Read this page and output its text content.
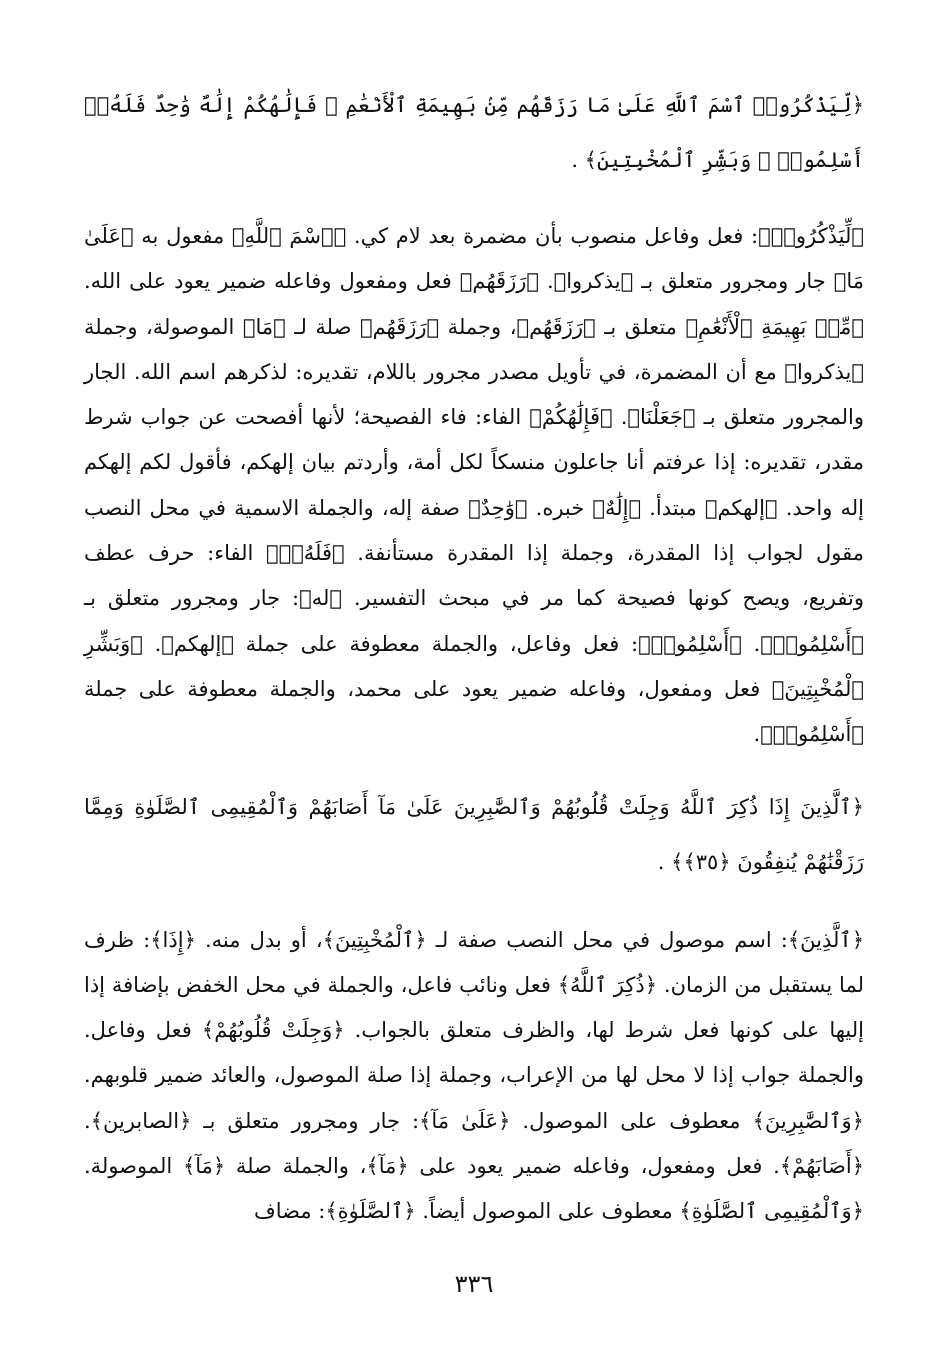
﴿لِّيَذْكُرُوا۟ ٱسْمَ ٱللَّهِ عَلَىٰ مَا رَزَقَهُم مِّنۢ بَهِيمَةِ ٱلْأَنْعَٰمِ ۗ فَإِلَٰهُكُمْ إِلَٰهٌ وَٰحِدٌ فَلَهُۥٓ أَسْلِمُوا۟ ۗ وَبَشِّرِ ٱلْمُخْبِتِينَ﴾ .

﴿لِّيَذْكُرُوا۟﴾: فعل وفاعل منصوب بأن مضمرة بعد لام كي. ﴿ٱسْمَ ٱللَّهِ﴾ مفعول به ﴿عَلَىٰ مَا﴾ جار ومجرور متعلق بـ ﴿يذكروا﴾. ﴿رَزَقَهُم﴾ فعل ومفعول وفاعله ضمير يعود على الله. ﴿مِّنۢ بَهِيمَةِ ٱلْأَنْعَٰمِ﴾ متعلق بـ ﴿رَزَقَهُم﴾، وجملة ﴿رَزَقَهُم﴾ صلة لـ ﴿مَا﴾ الموصولة، وجملة ﴿يذكروا﴾ مع أن المضمرة، في تأويل مصدر مجرور باللام، تقديره: لذكرهم اسم الله. الجار والمجرور متعلق بـ ﴿جَعَلْنَا﴾. ﴿فَإِلَٰهُكُمْ﴾ الفاء: فاء الفصيحة؛ لأنها أفصحت عن جواب شرط مقدر، تقديره: إذا عرفتم أنا جاعلون منسكاً لكل أمة، وأردتم بيان إلهكم، فأقول لكم إلهكم إله واحد. ﴿إلهكم﴾ مبتدأ. ﴿إِلَٰهٌ﴾ خبره. ﴿وَٰحِدٌ﴾ صفة إله، والجملة الاسمية في محل النصب مقول لجواب إذا المقدرة، وجملة إذا المقدرة مستأنفة. ﴿فَلَهُۥٓ﴾ الفاء: حرف عطف وتفريع، ويصح كونها فصيحة كما مر في مبحث التفسير. ﴿له﴾: جار ومجرور متعلق بـ ﴿أَسْلِمُوا۟﴾. ﴿أَسْلِمُوا۟﴾: فعل وفاعل، والجملة معطوفة على جملة ﴿إلهكم﴾. ﴿وَبَشِّرِ ٱلْمُخْبِتِينَ﴾ فعل ومفعول، وفاعله ضمير يعود على محمد، والجملة معطوفة على جملة ﴿أَسْلِمُوا۟﴾.

﴿ٱلَّذِينَ إِذَا ذُكِرَ ٱللَّهُ وَجِلَتْ قُلُوبُهُمْ وَٱلصَّٰبِرِينَ عَلَىٰ مَآ أَصَابَهُمْ وَٱلْمُقِيمِى ٱلصَّلَوٰةِ وَمِمَّا رَزَقْنَٰهُمْ يُنفِقُونَ ﴿٣٥﴾﴾ .

﴿ٱلَّذِينَ﴾: اسم موصول في محل النصب صفة لـ ﴿ٱلْمُخْبِتِينَ﴾، أو بدل منه. ﴿إِذَا﴾: ظرف لما يستقبل من الزمان. ﴿ذُكِرَ ٱللَّهُ﴾ فعل ونائب فاعل، والجملة في محل الخفض بإضافة إذا إليها على كونها فعل شرط لها، والظرف متعلق بالجواب. ﴿وَجِلَتْ قُلُوبُهُمْ﴾ فعل وفاعل. والجملة جواب إذا لا محل لها من الإعراب، وجملة إذا صلة الموصول، والعائد ضمير قلوبهم. ﴿وَٱلصَّٰبِرِينَ﴾ معطوف على الموصول. ﴿عَلَىٰ مَآ﴾: جار ومجرور متعلق بـ ﴿الصابرين﴾. ﴿أَصَابَهُمْ﴾. فعل ومفعول، وفاعله ضمير يعود على ﴿مَآ﴾، والجملة صلة ﴿مَآ﴾ الموصولة. ﴿وَٱلْمُقِيمِى ٱلصَّلَوٰةِ﴾ معطوف على الموصول أيضاً. ﴿ٱلصَّلَوٰةِ﴾: مضاف

٣٣٦
